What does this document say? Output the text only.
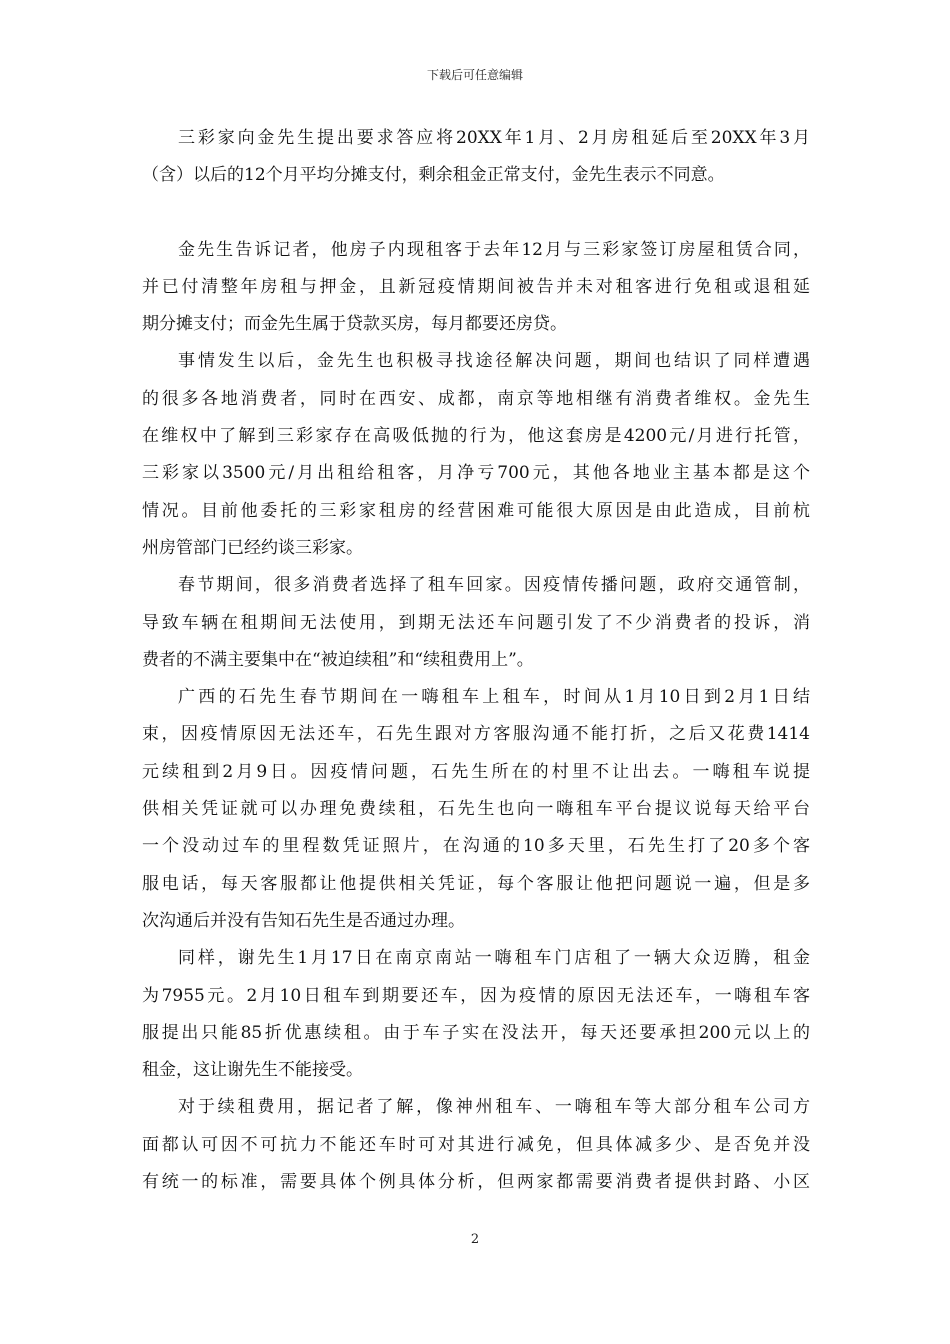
下载后可任意编辑
三彩家向金先生提出要求答应将20XX年1月、2月房租延后至20XX年3月
（含）以后的12个月平均分摊支付，剩余租金正常支付，金先生表示不同意。
金先生告诉记者，他房子内现租客于去年12月与三彩家签订房屋租赁合同，
并已付清整年房租与押金，且新冠疫情期间被告并未对租客进行免租或退租延
期分摊支付；而金先生属于贷款买房，每月都要还房贷。
事情发生以后，金先生也积极寻找途径解决问题，期间也结识了同样遭遇
的很多各地消费者，同时在西安、成都，南京等地相继有消费者维权。金先生
在维权中了解到三彩家存在高吸低抛的行为，他这套房是4200元/月进行托管，
三彩家以3500元/月出租给租客，月净亏700元，其他各地业主基本都是这个
情况。目前他委托的三彩家租房的经营困难可能很大原因是由此造成，目前杭
州房管部门已经约谈三彩家。
春节期间，很多消费者选择了租车回家。因疫情传播问题，政府交通管制，
导致车辆在租期间无法使用，到期无法还车问题引发了不少消费者的投诉，消
费者的不满主要集中在“被迫续租”和“续租费用上”。
广西的石先生春节期间在一嗨租车上租车，时间从1月10日到2月1日结
束，因疫情原因无法还车，石先生跟对方客服沟通不能打折，之后又花费1414
元续租到2月9日。因疫情问题，石先生所在的村里不让出去。一嗨租车说提
供相关凭证就可以办理免费续租，石先生也向一嗨租车平台提议说每天给平台
一个没动过车的里程数凭证照片，在沟通的10多天里，石先生打了20多个客
服电话，每天客服都让他提供相关凭证，每个客服让他把问题说一遍，但是多
次沟通后并没有告知石先生是否通过办理。
同样，谢先生1月17日在南京南站一嗨租车门店租了一辆大众迈腾，租金
为7955元。2月10日租车到期要还车，因为疫情的原因无法还车，一嗨租车客
服提出只能85折优惠续租。由于车子实在没法开，每天还要承担200元以上的
租金，这让谢先生不能接受。
对于续租费用，据记者了解，像神州租车、一嗨租车等大部分租车公司方
面都认可因不可抗力不能还车时可对其进行减免，但具体减多少、是否免并没
有统一的标准，需要具体个例具体分析，但两家都需要消费者提供封路、小区
2
